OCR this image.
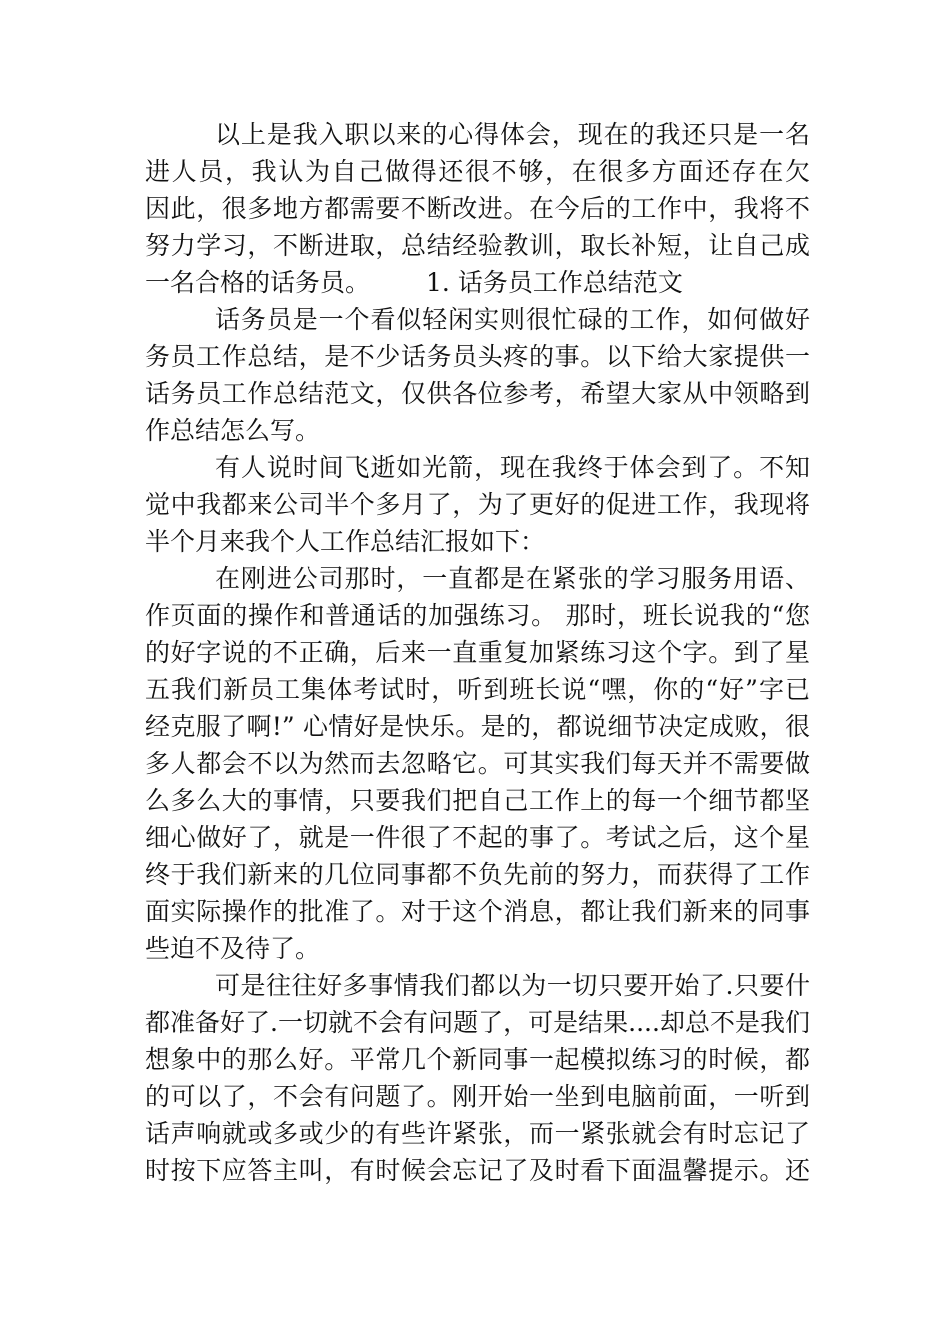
以上是我入职以来的心得体会，现在的我还只是一名
进人员，我认为自己做得还很不够，在很多方面还存在欠
因此，很多地方都需要不断改进。在今后的工作中，我将不
努力学习，不断进取，总结经验教训，取长补短，让自己成
一名合格的话务员。 1. 话务员工作总结范文
话务员是一个看似轻闲实则很忙碌的工作，如何做好
务员工作总结，是不少话务员头疼的事。以下给大家提供一
话务员工作总结范文，仅供各位参考，希望大家从中领略到
作总结怎么写。
有人说时间飞逝如光箭，现在我终于体会到了。不知
觉中我都来公司半个多月了，为了更好的促进工作，我现将
半个月来我个人工作总结汇报如下：
在刚进公司那时，一直都是在紧张的学习服务用语、
作页面的操作和普通话的加强练习。 那时，班长说我的“您
的好字说的不正确，后来一直重复加紧练习这个字。到了星
五我们新员工集体考试时，听到班长说“嘿，你的“好”字已
经克服了啊!” 心情好是快乐。是的，都说细节决定成败，很
多人都会不以为然而去忽略它。可其实我们每天并不需要做
么多么大的事情，只要我们把自己工作上的每一个细节都坚
细心做好了，就是一件很了不起的事了。考试之后，这个星
终于我们新来的几位同事都不负先前的努力，而获得了工作
面实际操作的批准了。对于这个消息，都让我们新来的同事
些迫不及待了。
可是往往好多事情我们都以为一切只要开始了.只要什
都准备好了.一切就不会有问题了，可是结果....却总不是我们
想象中的那么好。平常几个新同事一起模拟练习的时候，都
的可以了，不会有问题了。刚开始一坐到电脑前面，一听到
话声响就或多或少的有些许紧张，而一紧张就会有时忘记了
时按下应答主叫，有时候会忘记了及时看下面温馨提示。还
